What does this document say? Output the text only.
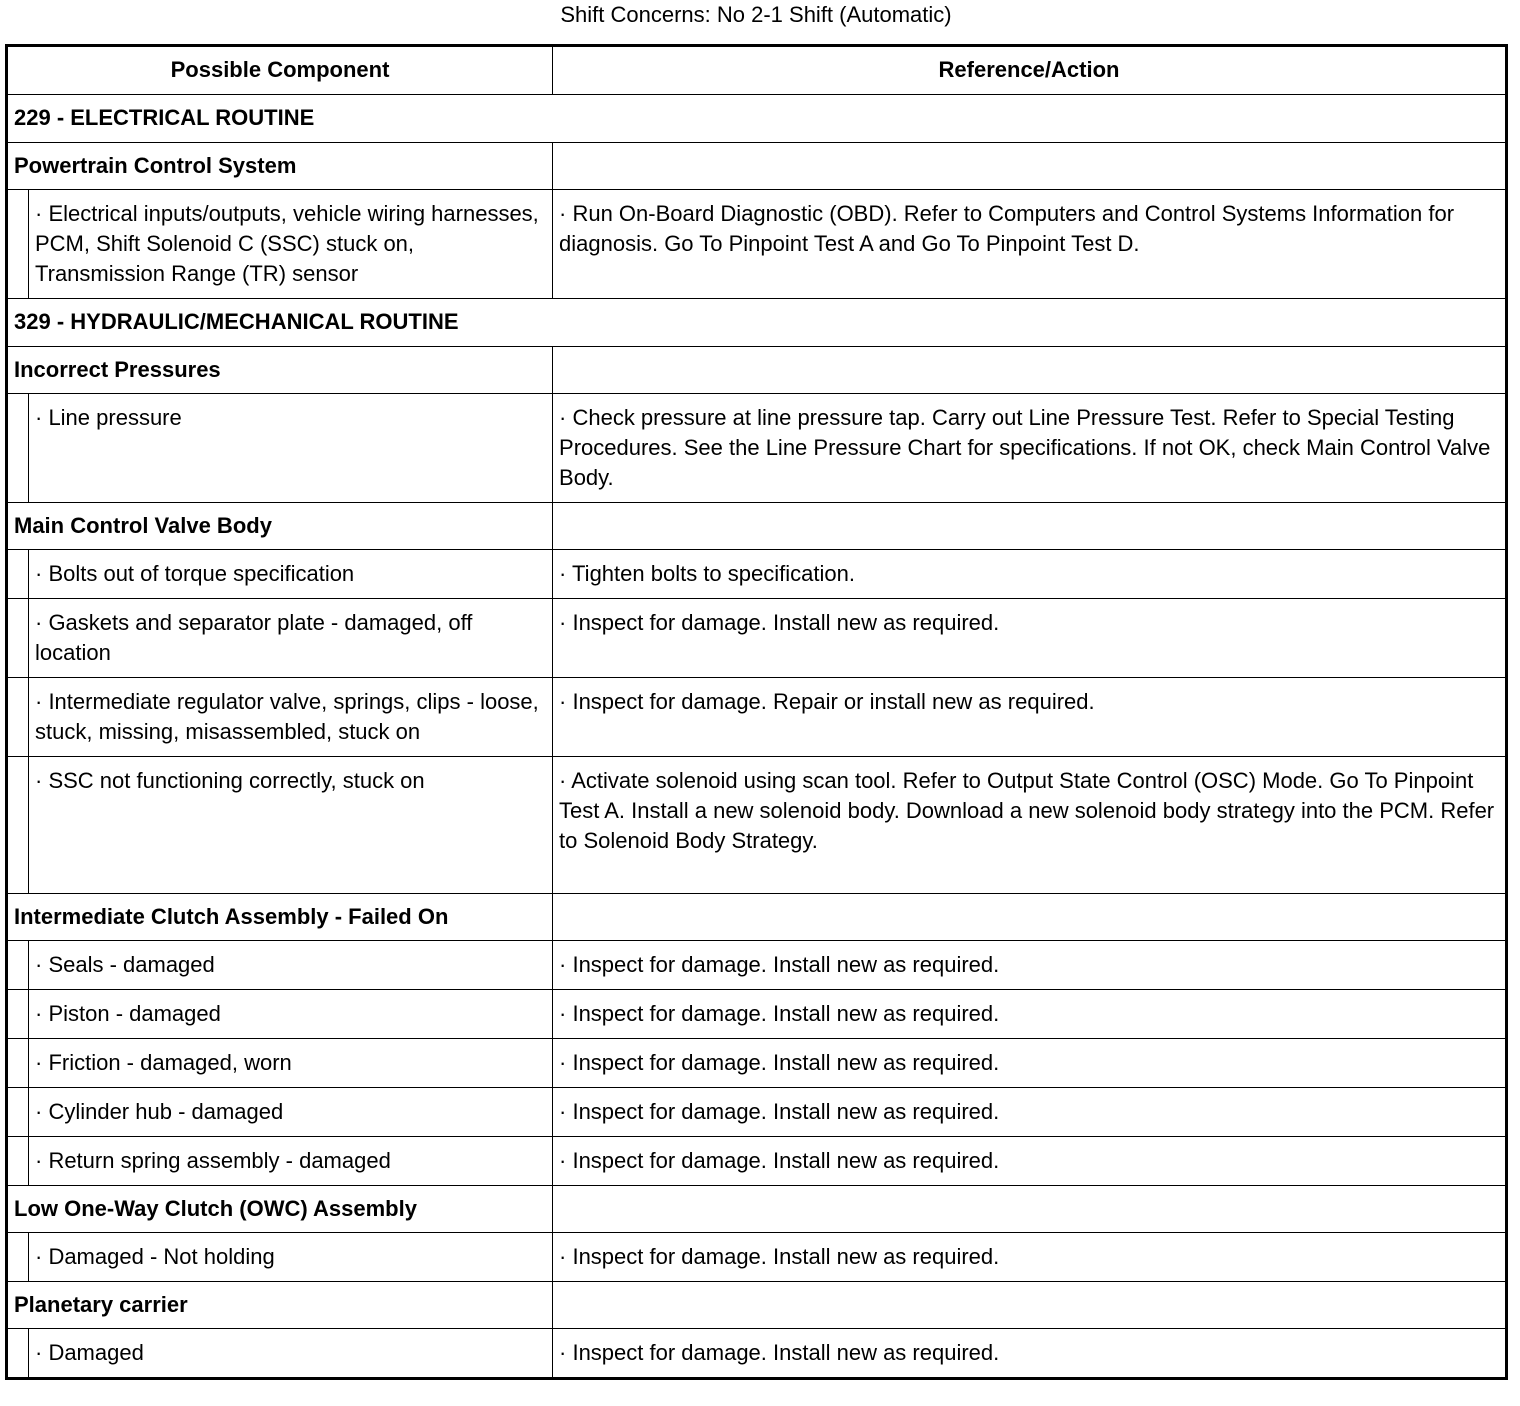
Shift Concerns: No 2-1 Shift (Automatic)
Possible Component		Reference/Action
229 - ELECTRICAL ROUTINE		
Powertrain Control System		
	· Electrical inputs/outputs, vehicle wiring harnesses, PCM, Shift Solenoid C (SSC) stuck on, Transmission Range (TR) sensor	· Run On-Board Diagnostic (OBD). Refer to Computers and Control Systems Information for diagnosis. Go To Pinpoint Test A and Go To Pinpoint Test D.
329 - HYDRAULIC/MECHANICAL ROUTINE		
Incorrect Pressures		
	· Line pressure	· Check pressure at line pressure tap. Carry out Line Pressure Test. Refer to Special Testing Procedures. See the Line Pressure Chart for specifications. If not OK, check Main Control Valve Body.
Main Control Valve Body		
	· Bolts out of torque specification	· Tighten bolts to specification.
	· Gaskets and separator plate - damaged, off location	· Inspect for damage. Install new as required.
	· Intermediate regulator valve, springs, clips - loose, stuck, missing, misassembled, stuck on	· Inspect for damage. Repair or install new as required.
	· SSC not functioning correctly, stuck on	· Activate solenoid using scan tool. Refer to Output State Control (OSC) Mode. Go To Pinpoint Test A. Install a new solenoid body. Download a new solenoid body strategy into the PCM. Refer to Solenoid Body Strategy.
Intermediate Clutch Assembly - Failed On		
	· Seals - damaged	· Inspect for damage. Install new as required.
	· Piston - damaged	· Inspect for damage. Install new as required.
	· Friction - damaged, worn	· Inspect for damage. Install new as required.
	· Cylinder hub - damaged	· Inspect for damage. Install new as required.
	· Return spring assembly - damaged	· Inspect for damage. Install new as required.
Low One-Way Clutch (OWC) Assembly		
	· Damaged - Not holding	· Inspect for damage. Install new as required.
Planetary carrier		
	· Damaged	· Inspect for damage. Install new as required.
